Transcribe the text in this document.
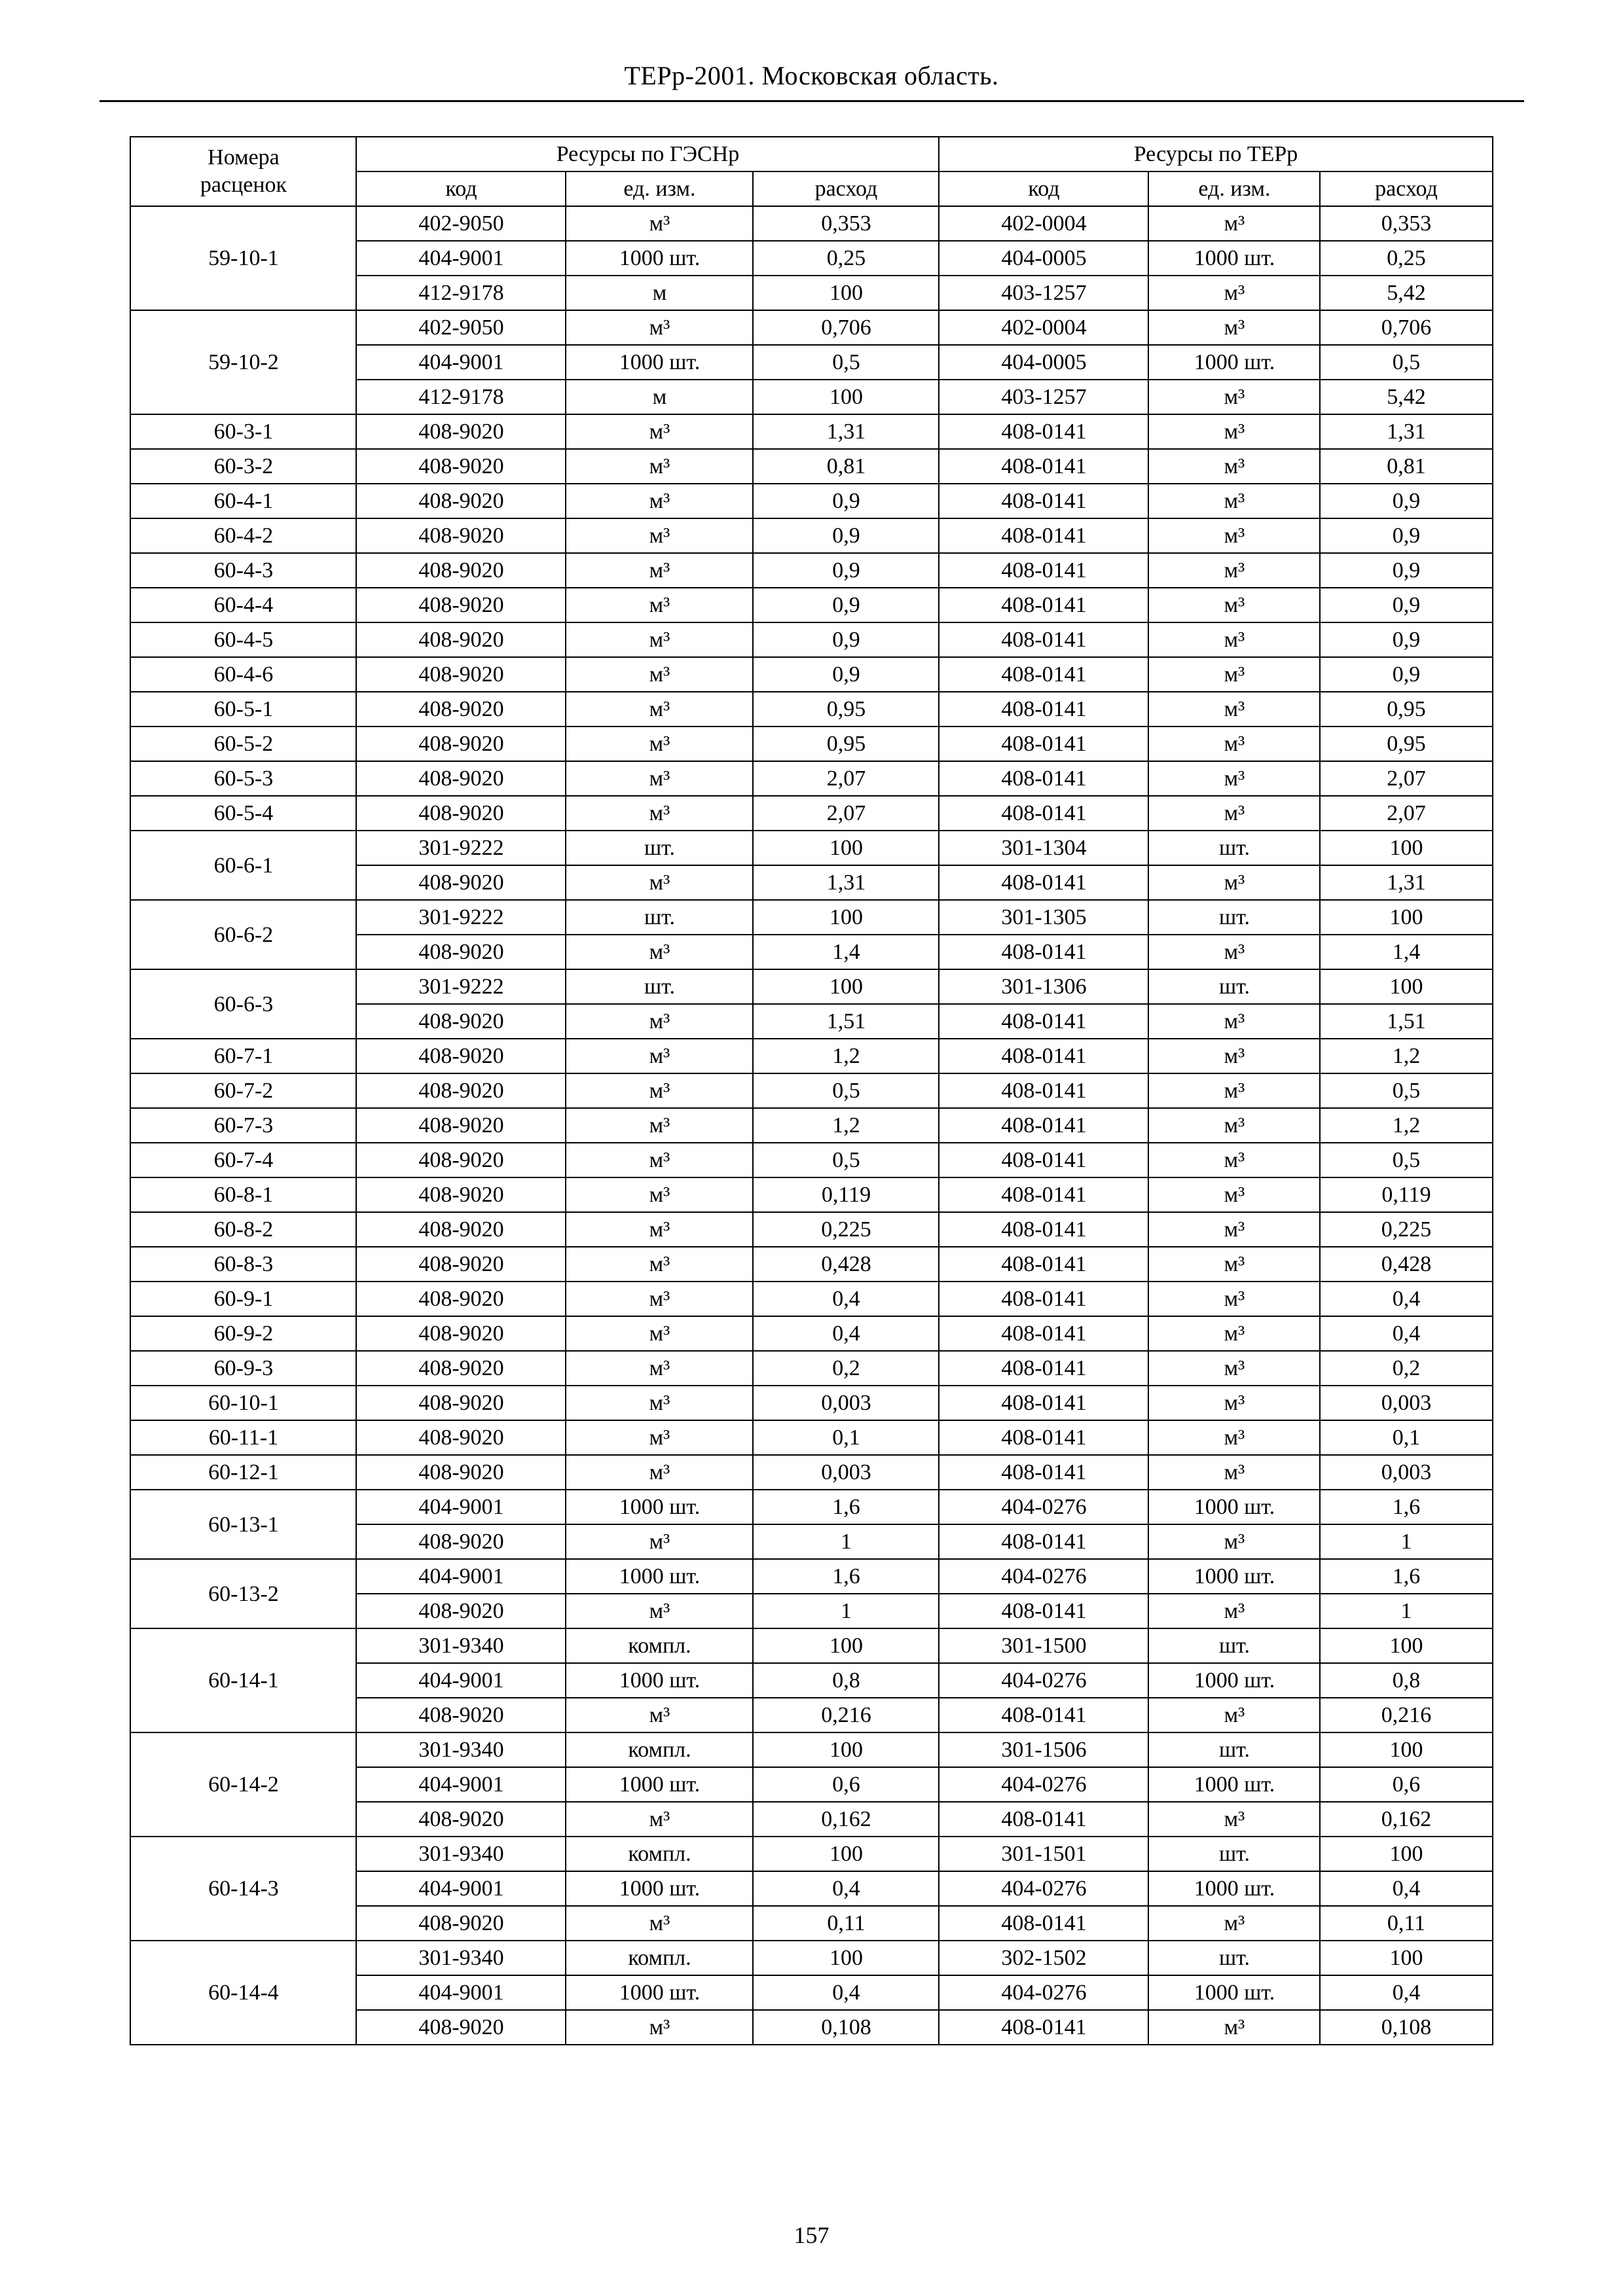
ТЕРр-2001. Московская область.
Номера расценок	Ресурсы по ГЭСНр			Ресурсы по ТЕРр		
	код	ед. изм.	расход	код	ед. изм.	расход
59-10-1	402-9050	м³	0,353	402-0004	м³	0,353
	404-9001	1000 шт.	0,25	404-0005	1000 шт.	0,25
	412-9178	м	100	403-1257	м³	5,42
59-10-2	402-9050	м³	0,706	402-0004	м³	0,706
	404-9001	1000 шт.	0,5	404-0005	1000 шт.	0,5
	412-9178	м	100	403-1257	м³	5,42
60-3-1	408-9020	м³	1,31	408-0141	м³	1,31
60-3-2	408-9020	м³	0,81	408-0141	м³	0,81
60-4-1	408-9020	м³	0,9	408-0141	м³	0,9
60-4-2	408-9020	м³	0,9	408-0141	м³	0,9
60-4-3	408-9020	м³	0,9	408-0141	м³	0,9
60-4-4	408-9020	м³	0,9	408-0141	м³	0,9
60-4-5	408-9020	м³	0,9	408-0141	м³	0,9
60-4-6	408-9020	м³	0,9	408-0141	м³	0,9
60-5-1	408-9020	м³	0,95	408-0141	м³	0,95
60-5-2	408-9020	м³	0,95	408-0141	м³	0,95
60-5-3	408-9020	м³	2,07	408-0141	м³	2,07
60-5-4	408-9020	м³	2,07	408-0141	м³	2,07
60-6-1	301-9222	шт.	100	301-1304	шт.	100
	408-9020	м³	1,31	408-0141	м³	1,31
60-6-2	301-9222	шт.	100	301-1305	шт.	100
	408-9020	м³	1,4	408-0141	м³	1,4
60-6-3	301-9222	шт.	100	301-1306	шт.	100
	408-9020	м³	1,51	408-0141	м³	1,51
60-7-1	408-9020	м³	1,2	408-0141	м³	1,2
60-7-2	408-9020	м³	0,5	408-0141	м³	0,5
60-7-3	408-9020	м³	1,2	408-0141	м³	1,2
60-7-4	408-9020	м³	0,5	408-0141	м³	0,5
60-8-1	408-9020	м³	0,119	408-0141	м³	0,119
60-8-2	408-9020	м³	0,225	408-0141	м³	0,225
60-8-3	408-9020	м³	0,428	408-0141	м³	0,428
60-9-1	408-9020	м³	0,4	408-0141	м³	0,4
60-9-2	408-9020	м³	0,4	408-0141	м³	0,4
60-9-3	408-9020	м³	0,2	408-0141	м³	0,2
60-10-1	408-9020	м³	0,003	408-0141	м³	0,003
60-11-1	408-9020	м³	0,1	408-0141	м³	0,1
60-12-1	408-9020	м³	0,003	408-0141	м³	0,003
60-13-1	404-9001	1000 шт.	1,6	404-0276	1000 шт.	1,6
	408-9020	м³	1	408-0141	м³	1
60-13-2	404-9001	1000 шт.	1,6	404-0276	1000 шт.	1,6
	408-9020	м³	1	408-0141	м³	1
60-14-1	301-9340	компл.	100	301-1500	шт.	100
	404-9001	1000 шт.	0,8	404-0276	1000 шт.	0,8
	408-9020	м³	0,216	408-0141	м³	0,216
60-14-2	301-9340	компл.	100	301-1506	шт.	100
	404-9001	1000 шт.	0,6	404-0276	1000 шт.	0,6
	408-9020	м³	0,162	408-0141	м³	0,162
60-14-3	301-9340	компл.	100	301-1501	шт.	100
	404-9001	1000 шт.	0,4	404-0276	1000 шт.	0,4
	408-9020	м³	0,11	408-0141	м³	0,11
60-14-4	301-9340	компл.	100	302-1502	шт.	100
	404-9001	1000 шт.	0,4	404-0276	1000 шт.	0,4
	408-9020	м³	0,108	408-0141	м³	0,108
157
